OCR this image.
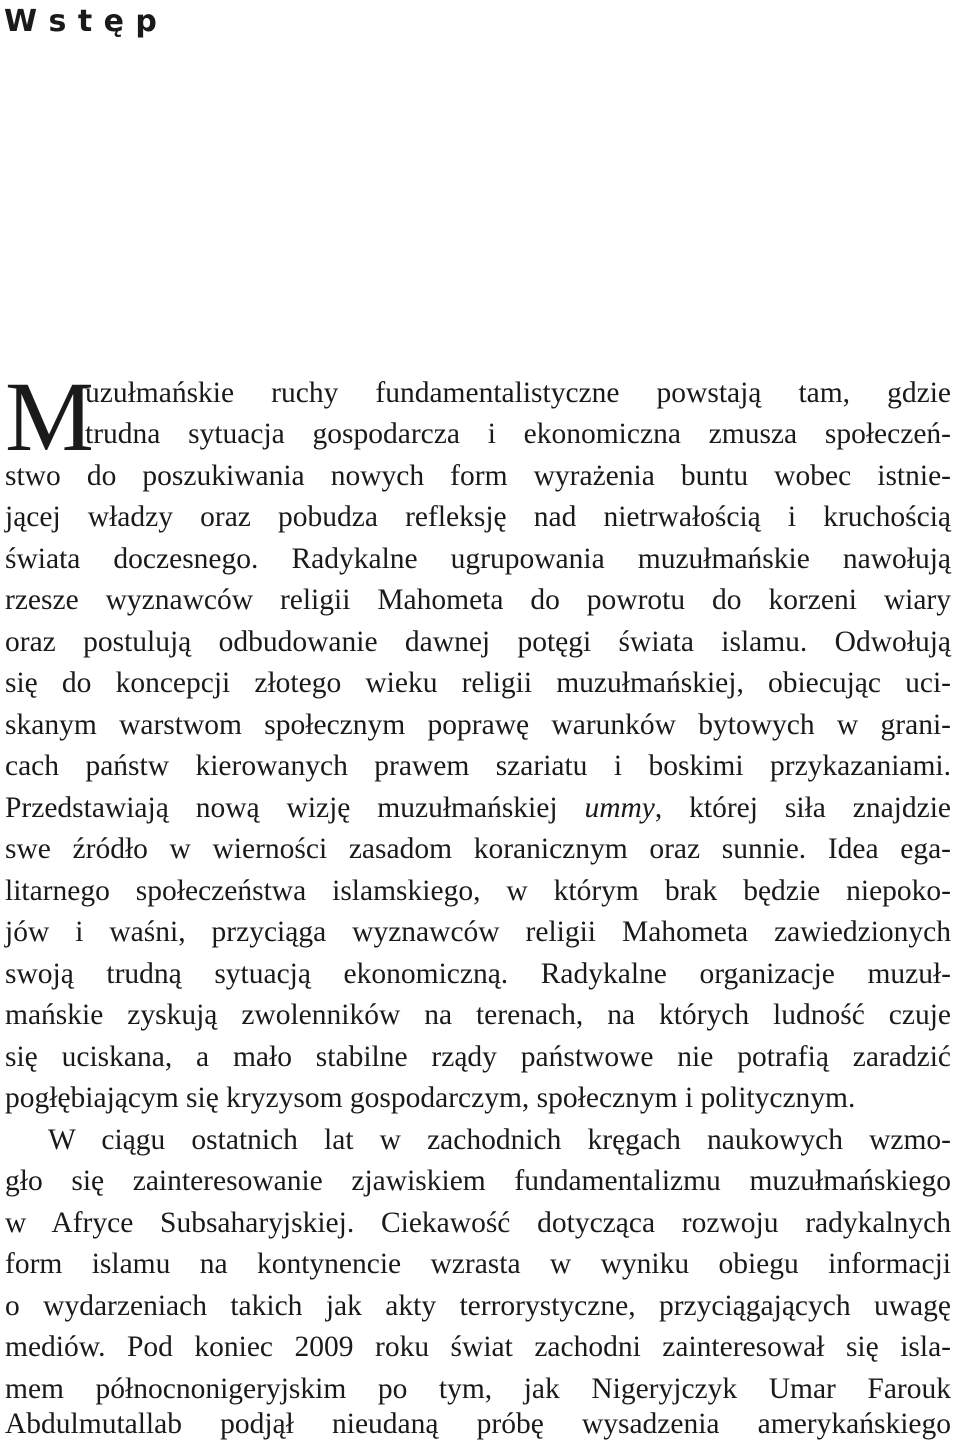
W s t ę p
M
uzułmańskie ruchy fundamentalistyczne powstają tam, gdzie
trudna sytuacja gospodarcza i ekonomiczna zmusza społeczeń-
stwo do poszukiwania nowych form wyrażenia buntu wobec istnie-
jącej władzy oraz pobudza refleksję nad nietrwałością i kruchością
świata doczesnego. Radykalne ugrupowania muzułmańskie nawołują
rzesze wyznawców religii Mahometa do powrotu do korzeni wiary
oraz postulują odbudowanie dawnej potęgi świata islamu. Odwołują
się do koncepcji złotego wieku religii muzułmańskiej, obiecując uci-
skanym warstwom społecznym poprawę warunków bytowych w grani-
cach państw kierowanych prawem szariatu i boskimi przykazaniami.
Przedstawiają nową wizję muzułmańskiej ummy, której siła znajdzie
swe źródło w wierności zasadom koranicznym oraz sunnie. Idea ega-
litarnego społeczeństwa islamskiego, w którym brak będzie niepoko-
jów i waśni, przyciąga wyznawców religii Mahometa zawiedzionych
swoją trudną sytuacją ekonomiczną. Radykalne organizacje muzuł-
mańskie zyskują zwolenników na terenach, na których ludność czuje
się uciskana, a mało stabilne rządy państwowe nie potrafią zaradzić
pogłębiającym się kryzysom gospodarczym, społecznym i politycznym.
W ciągu ostatnich lat w zachodnich kręgach naukowych wzmo-
gło się zainteresowanie zjawiskiem fundamentalizmu muzułmańskiego
w Afryce Subsaharyjskiej. Ciekawość dotycząca rozwoju radykalnych
form islamu na kontynencie wzrasta w wyniku obiegu informacji
o wydarzeniach takich jak akty terrorystyczne, przyciągających uwagę
mediów. Pod koniec 2009 roku świat zachodni zainteresował się isla-
mem północnonigeryjskim po tym, jak Nigeryjczyk Umar Farouk
Abdulmutallab podjął nieudaną próbę wysadzenia amerykańskiego
